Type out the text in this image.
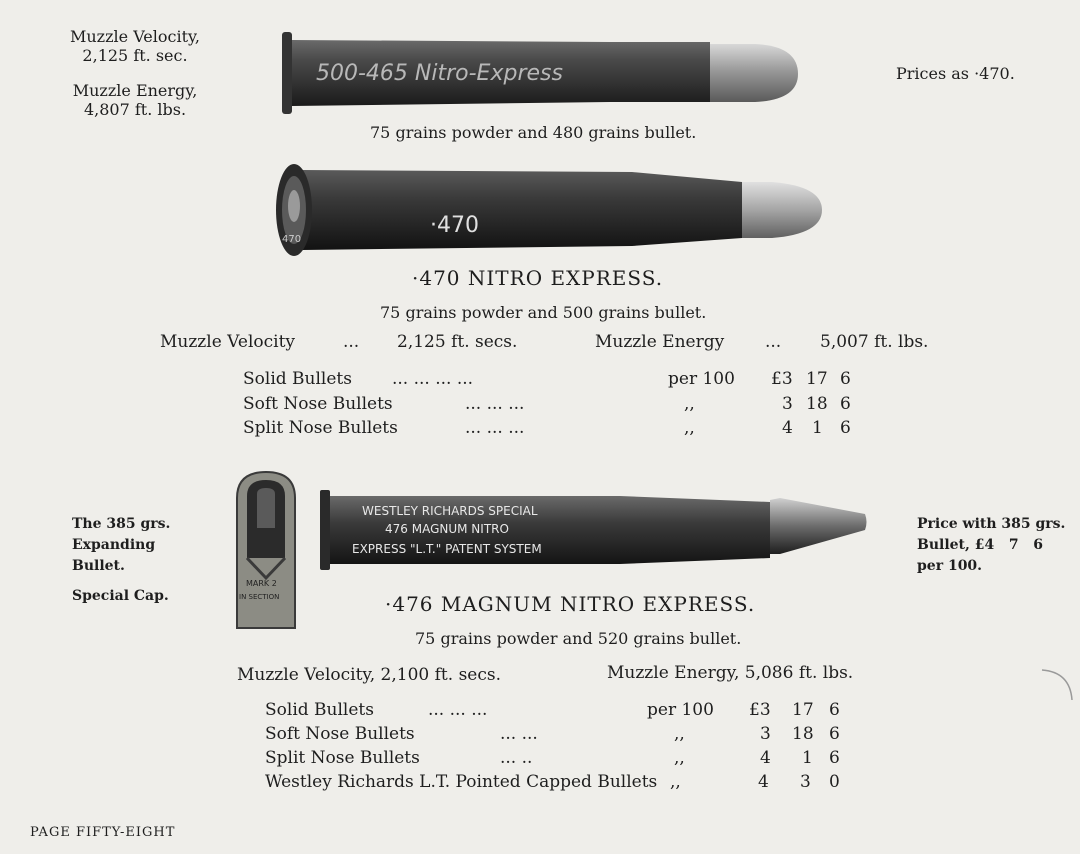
Muzzle Velocity,
2,125 ft. sec.
Muzzle Energy,
4,807 ft. lbs.
500-465 Nitro-Express
75 grains powder and 480 grains bullet.
Prices as ·470.
470
·470
·470 NITRO EXPRESS.
75 grains powder and 500 grains bullet.
Muzzle Velocity	... 2,125 ft. secs.	Muzzle Energy ... 5,007 ft. lbs.
Solid Bullets ... ... ... ...	per 100 £3 17 6
Soft Nose Bullets	... ... ...	,,	3 18 6
Split Nose Bullets	... ... ...	,,	4 1 6
The 385 grs.
Expanding
Bullet.
Special Cap.
MARK 2
IN SECTION
WESTLEY RICHARDS SPECIAL
476 MAGNUM NITRO
EXPRESS "L.T." PATENT SYSTEM
Price with 385 grs.
Bullet, £4   7   6
per 100.
·476 MAGNUM NITRO EXPRESS.
75 grains powder and 520 grains bullet.
Muzzle Velocity, 2,100 ft. secs.	Muzzle Energy, 5,086 ft. lbs.
Solid Bullets	... ... ...	per 100 £3 17 6
Soft Nose Bullets	... ...	,,	3 18 6
Split Nose Bullets	... ..	,,	4 1 6
Westley Richards L.T. Pointed Capped Bullets ,,	4 3 0
PAGE FIFTY-EIGHT
